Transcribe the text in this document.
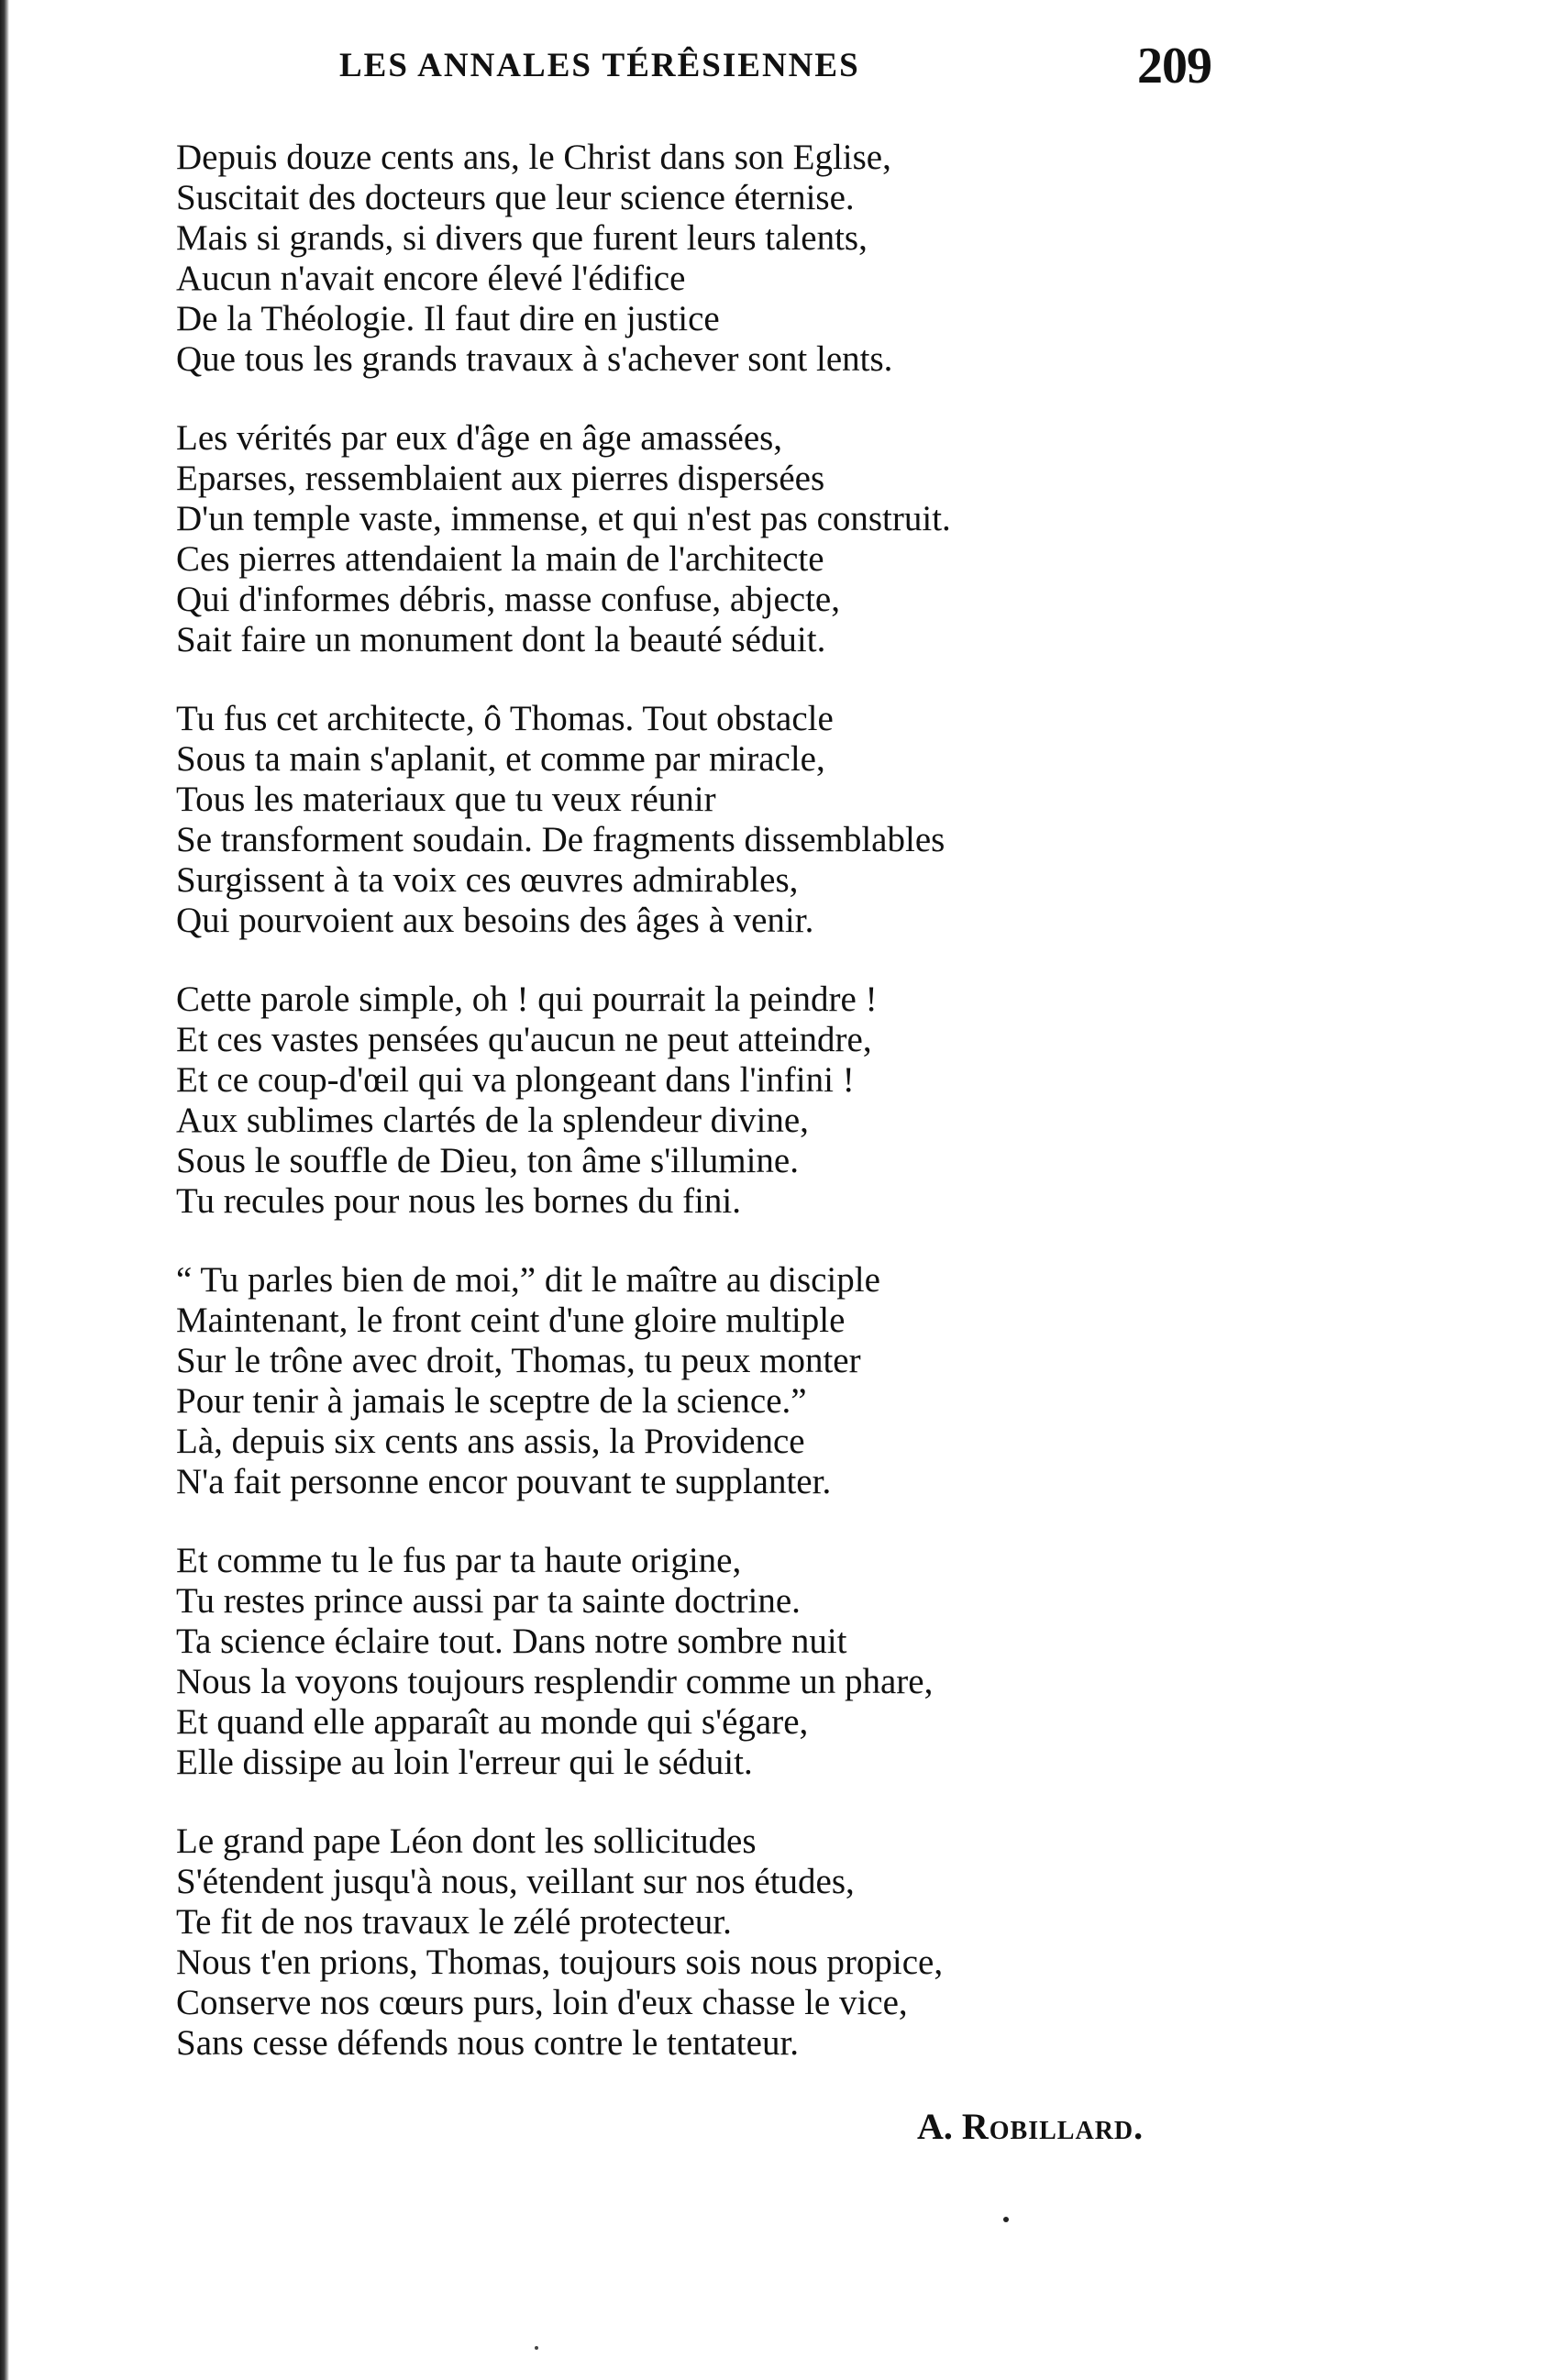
LES ANNALES TÉRÊSIENNES	209
Depuis douze cents ans, le Christ dans son Eglise,
Suscitait des docteurs que leur science éternise.
Mais si grands, si divers que furent leurs talents,
Aucun n'avait encore élevé l'édifice
De la Théologie. Il faut dire en justice
Que tous les grands travaux à s'achever sont lents.
Les vérités par eux d'âge en âge amassées,
Eparses, ressemblaient aux pierres dispersées
D'un temple vaste, immense, et qui n'est pas construit.
Ces pierres attendaient la main de l'architecte
Qui d'informes débris, masse confuse, abjecte,
Sait faire un monument dont la beauté séduit.
Tu fus cet architecte, ô Thomas. Tout obstacle
Sous ta main s'aplanit, et comme par miracle,
Tous les materiaux que tu veux réunir
Se transforment soudain. De fragments dissemblables
Surgissent à ta voix ces œuvres admirables,
Qui pourvoient aux besoins des âges à venir.
Cette parole simple, oh ! qui pourrait la peindre !
Et ces vastes pensées qu'aucun ne peut atteindre,
Et ce coup-d'œil qui va plongeant dans l'infini !
Aux sublimes clartés de la splendeur divine,
Sous le souffle de Dieu, ton âme s'illumine.
Tu recules pour nous les bornes du fini.
“ Tu parles bien de moi,” dit le maître au disciple
Maintenant, le front ceint d'une gloire multiple
Sur le trône avec droit, Thomas, tu peux monter
Pour tenir à jamais le sceptre de la science.”
Là, depuis six cents ans assis, la Providence
N'a fait personne encor pouvant te supplanter.
Et comme tu le fus par ta haute origine,
Tu restes prince aussi par ta sainte doctrine.
Ta science éclaire tout. Dans notre sombre nuit
Nous la voyons toujours resplendir comme un phare,
Et quand elle apparaît au monde qui s'égare,
Elle dissipe au loin l'erreur qui le séduit.
Le grand pape Léon dont les sollicitudes
S'étendent jusqu'à nous, veillant sur nos études,
Te fit de nos travaux le zélé protecteur.
Nous t'en prions, Thomas, toujours sois nous propice,
Conserve nos cœurs purs, loin d'eux chasse le vice,
Sans cesse défends nous contre le tentateur.
A. Robillard.
